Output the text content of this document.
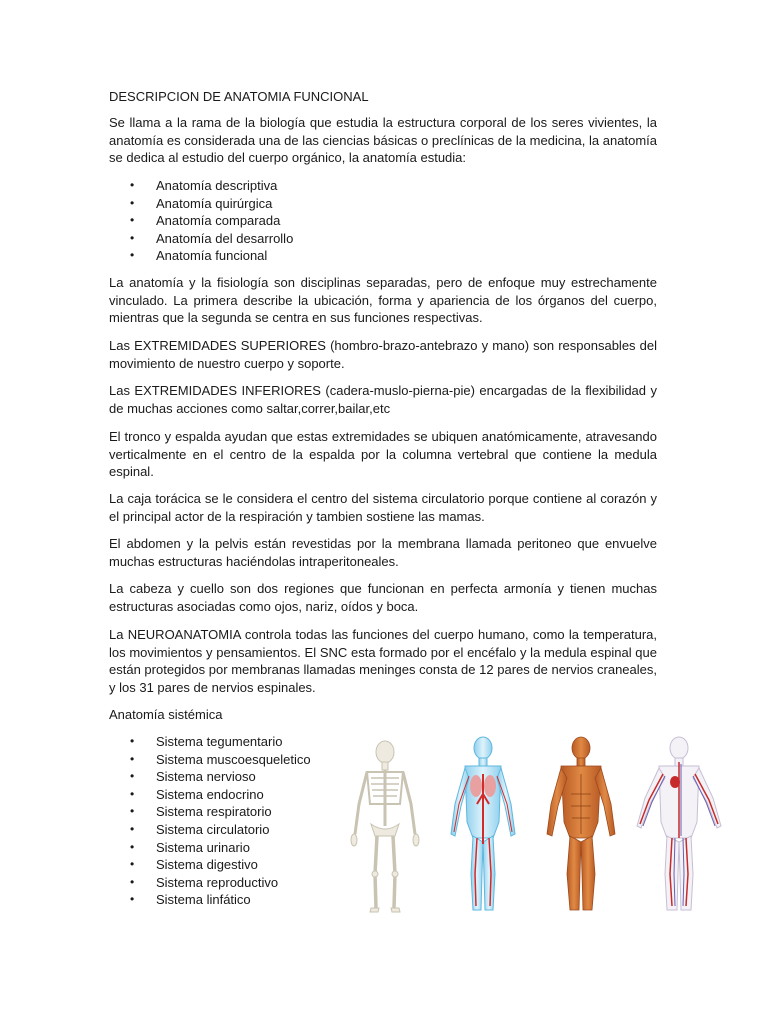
DESCRIPCION DE ANATOMIA FUNCIONAL
Se llama a la rama de la biología que estudia la estructura corporal de los seres vivientes, la anatomía es considerada una de las ciencias básicas o preclínicas de la medicina, la anatomía se dedica al estudio del cuerpo orgánico, la anatomía estudia:
• Anatomía descriptiva
• Anatomía quirúrgica
• Anatomía comparada
• Anatomía del desarrollo
• Anatomía funcional
La anatomía y la fisiología son disciplinas separadas, pero de enfoque muy estrechamente vinculado. La primera describe la ubicación, forma y apariencia de los órganos del cuerpo, mientras que la segunda se centra en sus funciones respectivas.
Las EXTREMIDADES SUPERIORES (hombro-brazo-antebrazo y mano) son responsables del movimiento de nuestro cuerpo y soporte.
Las EXTREMIDADES INFERIORES (cadera-muslo-pierna-pie) encargadas de la flexibilidad y de muchas acciones como saltar,correr,bailar,etc
El tronco y espalda ayudan que estas extremidades se ubiquen anatómicamente, atravesando verticalmente en el centro de la espalda por la columna vertebral que contiene la medula espinal.
La caja torácica se le considera el centro del sistema circulatorio porque contiene al corazón y el principal actor de la respiración y tambien sostiene las mamas.
El abdomen y la pelvis están revestidas por la membrana llamada peritoneo que envuelve muchas estructuras haciéndolas intraperitoneales.
La cabeza y cuello son dos regiones que funcionan en perfecta armonía y tienen muchas estructuras asociadas como ojos, nariz, oídos y boca.
La NEUROANATOMIA controla todas las funciones del cuerpo humano, como la temperatura, los movimientos y pensamientos. El SNC esta formado por el encéfalo y la medula espinal que están protegidos por membranas llamadas meninges consta de 12 pares de nervios craneales, y los 31 pares de nervios espinales.
Anatomía sistémica
• Sistema tegumentario
• Sistema muscoesqueletico
• Sistema nervioso
• Sistema endocrino
• Sistema respiratorio
• Sistema circulatorio
• Sistema urinario
• Sistema digestivo
• Sistema reproductivo
• Sistema linfático
